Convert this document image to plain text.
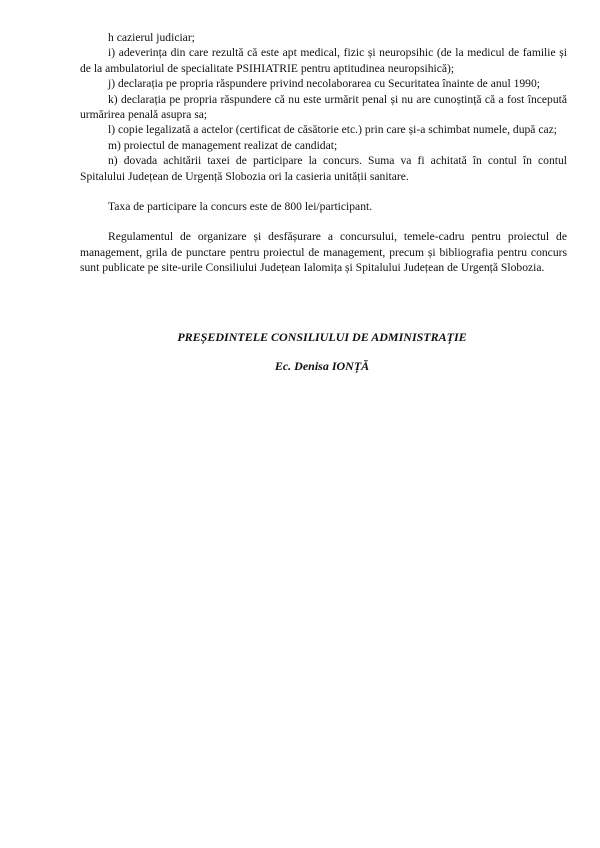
h cazierul judiciar;

i) adeverința din care rezultă că este apt medical, fizic și neuropsihic (de la medicul de familie și de la ambulatoriul de specialitate PSIHIATRIE pentru aptitudinea neuropsihică);

j) declarația pe propria răspundere privind necolaborarea cu Securitatea înainte de anul 1990;

k) declarația pe propria răspundere că nu este urmărit penal și nu are cunoștință că a fost începută urmărirea penală asupra sa;

l) copie legalizată a actelor (certificat de căsătorie etc.) prin care și-a schimbat numele, după caz;

m) proiectul de management realizat de candidat;

n) dovada achitării taxei de participare la concurs. Suma va fi achitată în contul în contul Spitalului Județean de Urgență Slobozia ori la casieria unității sanitare.

Taxa de participare la concurs este de 800 lei/participant.

Regulamentul de organizare și desfășurare a concursului, temele-cadru pentru proiectul de management, grila de punctare pentru proiectul de management, precum și bibliografia pentru concurs sunt publicate pe site-urile Consiliului Județean Ialomița și Spitalului Județean de Urgență Slobozia.

PREȘEDINTELE CONSILIULUI DE ADMINISTRAȚIE
Ec. Denisa IONȚĂ
